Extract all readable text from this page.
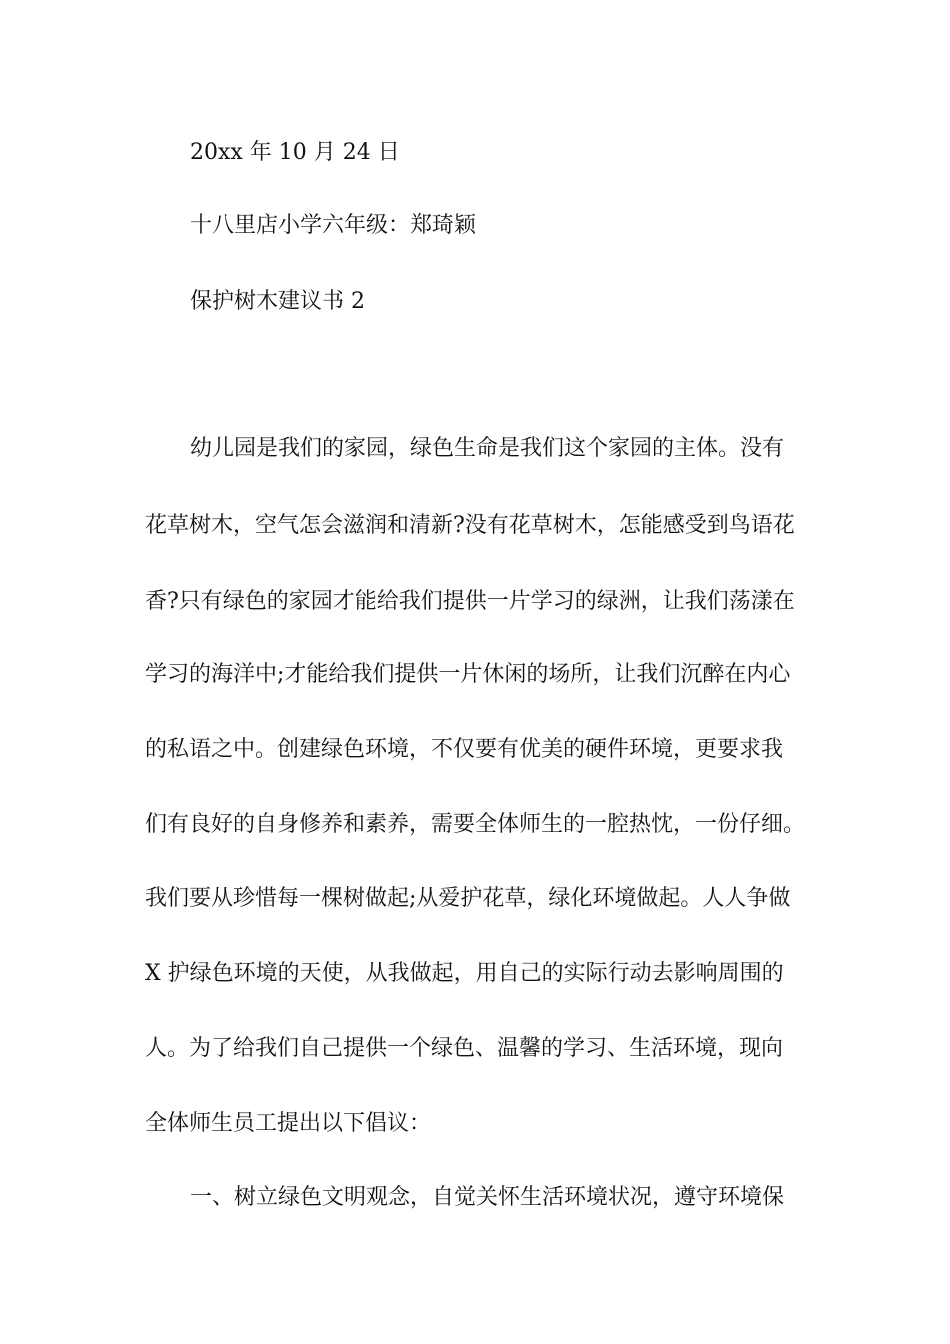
20xx 年 10 月 24 日
十八里店小学六年级：郑琦颖
保护树木建议书 2
幼儿园是我们的家园，绿色生命是我们这个家园的主体。没有
花草树木，空气怎会滋润和清新?没有花草树木，怎能感受到鸟语花
香?只有绿色的家园才能给我们提供一片学习的绿洲，让我们荡漾在
学习的海洋中;才能给我们提供一片休闲的场所，让我们沉醉在内心
的私语之中。创建绿色环境，不仅要有优美的硬件环境，更要求我
们有良好的自身修养和素养，需要全体师生的一腔热忱，一份仔细。
我们要从珍惜每一棵树做起;从爱护花草，绿化环境做起。人人争做
X 护绿色环境的天使，从我做起，用自己的实际行动去影响周围的
人。为了给我们自己提供一个绿色、温馨的学习、生活环境，现向
全体师生员工提出以下倡议：
一、树立绿色文明观念，自觉关怀生活环境状况，遵守环境保
